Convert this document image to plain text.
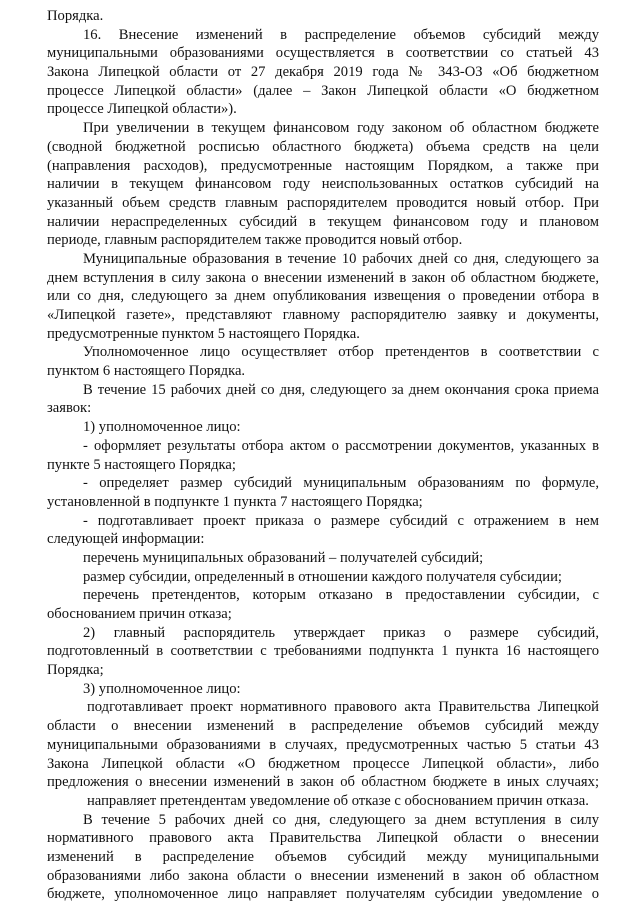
Порядка.
16. Внесение изменений в распределение объемов субсидий между
муниципальными образованиями осуществляется в соответствии со статьей 43
Закона Липецкой области от 27 декабря 2019 года № 343-ОЗ «Об бюджетном
процессе Липецкой области» (далее – Закон Липецкой области «О бюджетном
процессе Липецкой области»).
При увеличении в текущем финансовом году законом об областном бюджете
(сводной бюджетной росписью областного бюджета) объема средств на цели
(направления расходов), предусмотренные настоящим Порядком, а также при
наличии в текущем финансовом году неиспользованных остатков субсидий на
указанный объем средств главным распорядителем проводится новый отбор. При
наличии нераспределенных субсидий в текущем финансовом году и плановом
периоде, главным распорядителем также проводится новый отбор.
Муниципальные образования в течение 10 рабочих дней со дня, следующего за
днем вступления в силу закона о внесении изменений в закон об областном бюджете,
или со дня, следующего за днем опубликования извещения о проведении отбора в
«Липецкой газете», представляют главному распорядителю заявку и документы,
предусмотренные пунктом 5 настоящего Порядка.
Уполномоченное лицо осуществляет отбор претендентов в соответствии с
пунктом 6 настоящего Порядка.
В течение 15 рабочих дней со дня, следующего за днем окончания срока приема
заявок:
1) уполномоченное лицо:
- оформляет результаты отбора актом о рассмотрении документов, указанных в
пункте 5 настоящего Порядка;
- определяет размер субсидий муниципальным образованиям по формуле,
установленной в подпункте 1 пункта 7 настоящего Порядка;
- подготавливает проект приказа о размере субсидий с отражением в нем
следующей информации:
перечень муниципальных образований – получателей субсидий;
размер субсидии, определенный в отношении каждого получателя субсидии;
перечень претендентов, которым отказано в предоставлении субсидии, с
обоснованием причин отказа;
2) главный распорядитель утверждает приказ о размере субсидий,
подготовленный в соответствии с требованиями подпункта 1 пункта 16 настоящего
Порядка;
3) уполномоченное лицо:
подготавливает проект нормативного правового акта Правительства Липецкой
области о внесении изменений в распределение объемов субсидий между
муниципальными образованиями в случаях, предусмотренных частью 5 статьи 43
Закона Липецкой области «О бюджетном процессе Липецкой области», либо
предложения о внесении изменений в закон об областном бюджете в иных случаях;
направляет претендентам уведомление об отказе с обоснованием причин отказа.
В течение 5 рабочих дней со дня, следующего за днем вступления в силу
нормативного правового акта Правительства Липецкой области о внесении
изменений в распределение объемов субсидий между муниципальными
образованиями либо закона области о внесении изменений в закон об областном
бюджете, уполномоченное лицо направляет получателям субсидии уведомление о
